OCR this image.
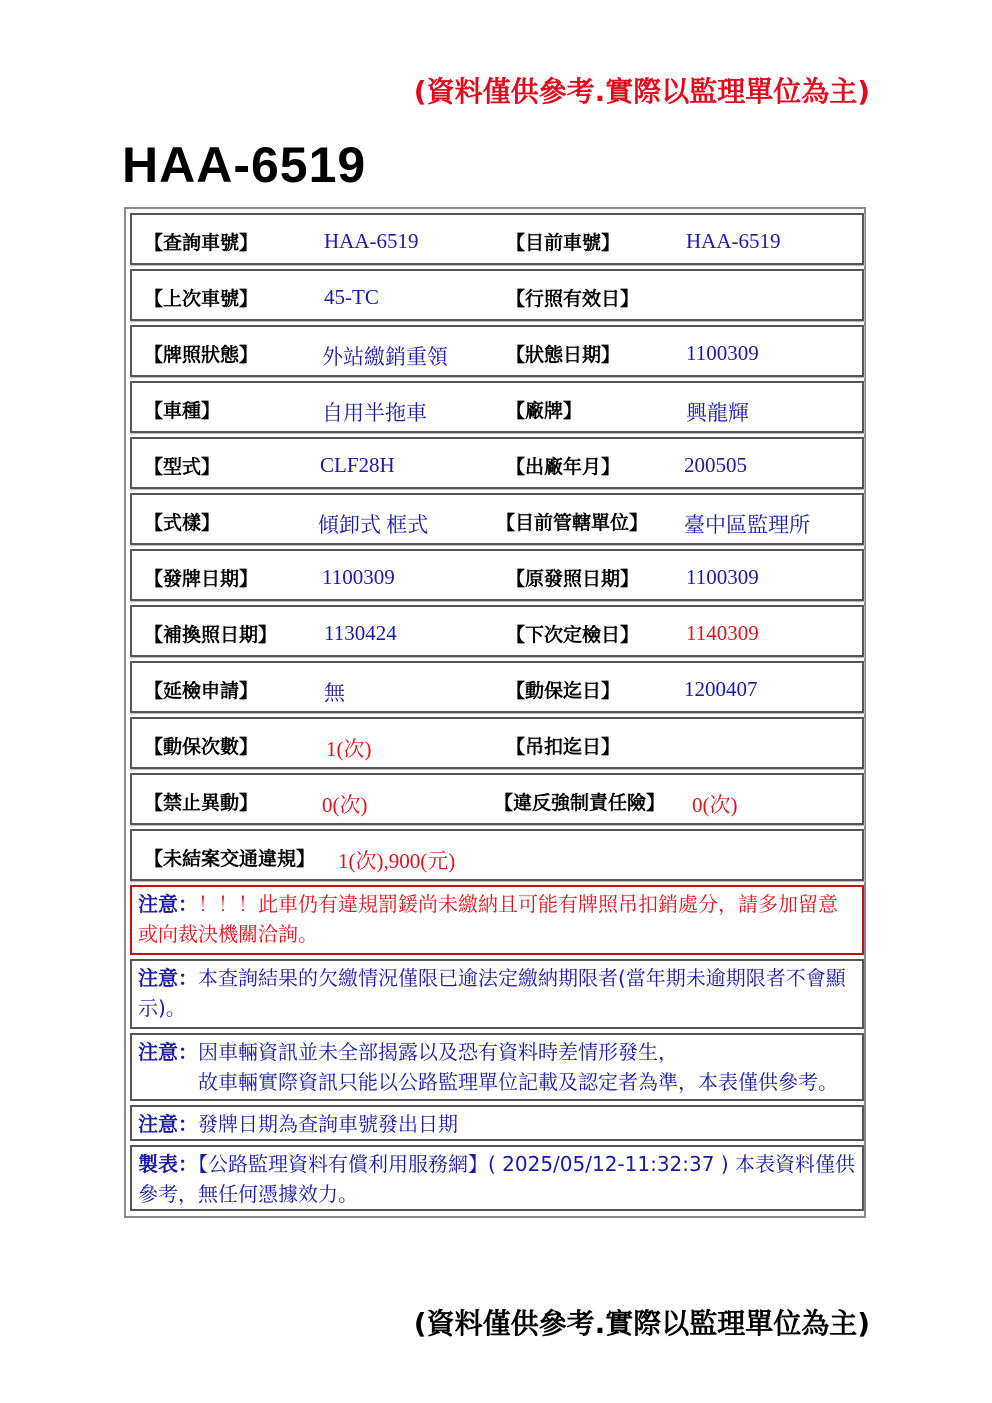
(資料僅供參考.實際以監理單位為主)
HAA-6519
【查詢車號】	HAA-6519	【目前車號】	HAA-6519
【上次車號】	45-TC	【行照有效日】
【牌照狀態】	外站繳銷重領	【狀態日期】	1100309
【車種】	自用半拖車	【廠牌】	興龍輝
【型式】	CLF28H	【出廠年月】	200505
【式樣】	傾卸式 框式	【目前管轄單位】 臺中區監理所
【發牌日期】	1100309	【原發照日期】 1100309
【補換照日期】 1130424	【下次定檢日】 1140309
【延檢申請】	無	【動保迄日】	1200407
【動保次數】	1(次)	【吊扣迄日】
【禁止異動】	0(次)	【違反強制責任險】 0(次)
【未結案交通違規】 1(次),900(元)
注意：！！！此車仍有違規罰鍰尚未繳納且可能有牌照吊扣銷處分，請多加留意或向裁決機關洽詢。
注意：本查詢結果的欠繳情況僅限已逾法定繳納期限者(當年期未逾期限者不會顯示)。
注意：因車輛資訊並未全部揭露以及恐有資料時差情形發生，
故車輛實際資訊只能以公路監理單位記載及認定者為準，本表僅供參考。
注意：發牌日期為查詢車號發出日期
製表：【公路監理資料有償利用服務網】( 2025/05/12-11:32:37 ) 本表資料僅供參考，無任何憑據效力。
(資料僅供參考.實際以監理單位為主)
